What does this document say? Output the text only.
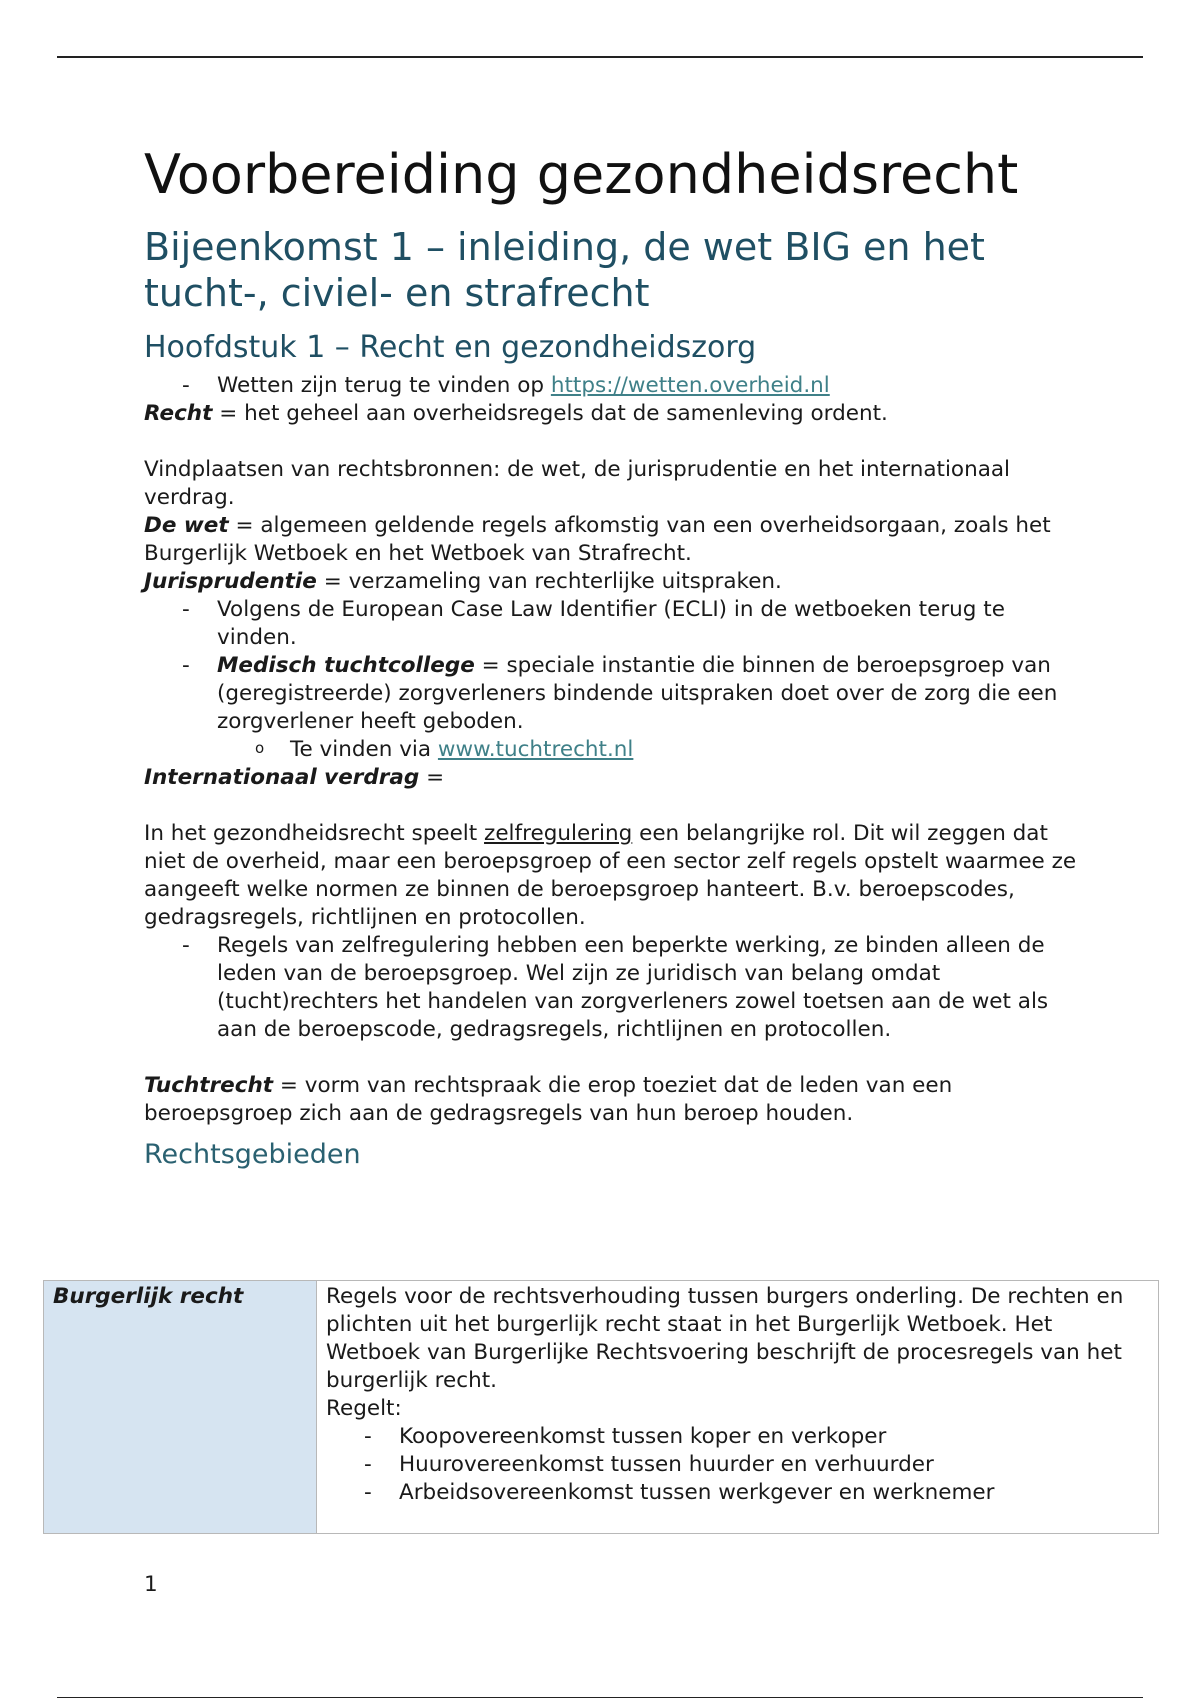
Voorbereiding gezondheidsrecht
Bijeenkomst 1 – inleiding, de wet BIG en het tucht-, civiel- en strafrecht
Hoofdstuk 1 – Recht en gezondheidszorg
- Wetten zijn terug te vinden op https://wetten.overheid.nl

Recht = het geheel aan overheidsregels dat de samenleving ordent.

Vindplaatsen van rechtsbronnen: de wet, de jurisprudentie en het internationaal verdrag.

De wet = algemeen geldende regels afkomstig van een overheidsorgaan, zoals het Burgerlijk Wetboek en het Wetboek van Strafrecht.

Jurisprudentie = verzameling van rechterlijke uitspraken.

- Volgens de European Case Law Identifier (ECLI) in de wetboeken terug te vinden.
- Medisch tuchtcollege = speciale instantie die binnen de beroepsgroep van (geregistreerde) zorgverleners bindende uitspraken doet over de zorg die een zorgverlener heeft geboden.
o Te vinden via www.tuchtrecht.nl

Internationaal verdrag =

In het gezondheidsrecht speelt zelfregulering een belangrijke rol. Dit wil zeggen dat niet de overheid, maar een beroepsgroep of een sector zelf regels opstelt waarmee ze aangeeft welke normen ze binnen de beroepsgroep hanteert. B.v. beroepscodes, gedragsregels, richtlijnen en protocollen.

- Regels van zelfregulering hebben een beperkte werking, ze binden alleen de leden van de beroepsgroep. Wel zijn ze juridisch van belang omdat (tucht)rechters het handelen van zorgverleners zowel toetsen aan de wet als aan de beroepscode, gedragsregels, richtlijnen en protocollen.

Tuchtrecht = vorm van rechtspraak die erop toeziet dat de leden van een beroepsgroep zich aan de gedragsregels van hun beroep houden.

Rechtsgebieden
Burgerlijk recht	Regels voor de rechtsverhouding tussen burgers onderling. De rechten en plichten uit het burgerlijk recht staat in het Burgerlijk Wetboek. Het Wetboek van Burgerlijke Rechtsvoering beschrijft de procesregels van het burgerlijk recht.

Regelt:

- Koopovereenkomst tussen koper en verkoper
- Huurovereenkomst tussen huurder en verhuurder
- Arbeidsovereenkomst tussen werkgever en werknemer
1
